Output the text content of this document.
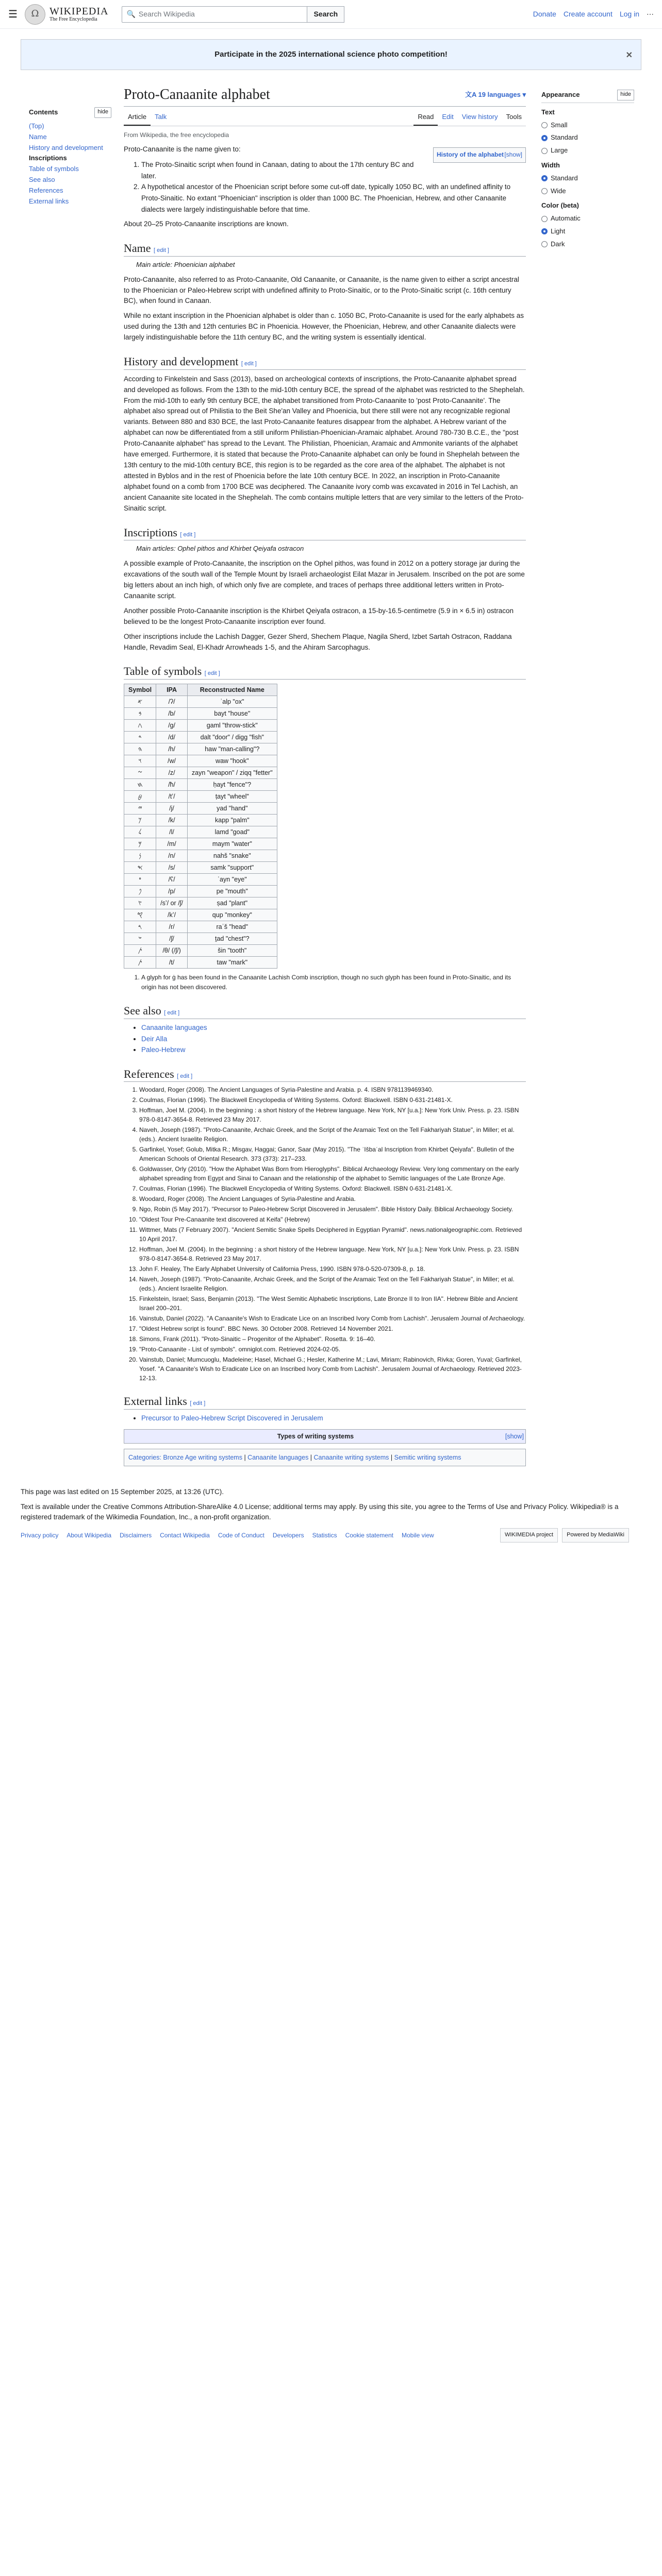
☰	Ω	WIKIPEDIA
The Free Encyclopedia
🔍 Search Wikipedia	Search	Donate Create account Log in ⋯
Participate in the 2025 international science photo competition!	✕
Contents	hide
(Top)
Name
History and development
Inscriptions
Table of symbols
See also
References
External links
Proto-Canaanite alphabet	文A 19 languages ▾
Article	Talk	Read	Edit	View history	Tools
From Wikipedia, the free encyclopedia
History of the alphabet [show]

Proto-Canaanite is the name given to:

1. The Proto-Sinaitic script when found in Canaan, dating to about the 17th century BC and later.
2. A hypothetical ancestor of the Phoenician script before some cut-off date, typically 1050 BC, with an undefined affinity to Proto-Sinaitic. No extant "Phoenician" inscription is older than 1000 BC. The Phoenician, Hebrew, and other Canaanite dialects were largely indistinguishable before that time.

About 20–25 Proto-Canaanite inscriptions are known.

Name [ edit ]
Main article: Phoenician alphabet

Proto-Canaanite, also referred to as Proto-Canaanite, Old Canaanite, or Canaanite, is the name given to either a script ancestral to the Phoenician or Paleo-Hebrew script with undefined affinity to Proto-Sinaitic, or to the Proto-Sinaitic script (c. 16th century BC), when found in Canaan.

While no extant inscription in the Phoenician alphabet is older than c. 1050 BC, Proto-Canaanite is used for the early alphabets as used during the 13th and 12th centuries BC in Phoenicia. However, the Phoenician, Hebrew, and other Canaanite dialects were largely indistinguishable before the 11th century BC, and the writing system is essentially identical.

History and development [ edit ]

According to Finkelstein and Sass (2013), based on archeological contexts of inscriptions, the Proto-Canaanite alphabet spread and developed as follows. From the 13th to the mid-10th century BCE, the spread of the alphabet was restricted to the Shephelah. From the mid-10th to early 9th century BCE, the alphabet transitioned from Proto-Canaanite to 'post Proto-Canaanite'. The alphabet also spread out of Philistia to the Beit She'an Valley and Phoenicia, but there still were not any recognizable regional variants. Between 880 and 830 BCE, the last Proto-Canaanite features disappear from the alphabet. A Hebrew variant of the alphabet can now be differentiated from a still uniform Philistian-Phoenician-Aramaic alphabet. Around 780-730 B.C.E., the "post Proto-Canaanite alphabet" has spread to the Levant. The Philistian, Phoenician, Aramaic and Ammonite variants of the alphabet have emerged. Furthermore, it is stated that because the Proto-Canaanite alphabet can only be found in Shephelah between the 13th century to the mid-10th century BCE, this region is to be regarded as the core area of the alphabet. The alphabet is not attested in Byblos and in the rest of Phoenicia before the late 10th century BCE. In 2022, an inscription in Proto-Canaanite alphabet found on a comb from 1700 BCE was deciphered. The Canaanite ivory comb was excavated in 2016 in Tel Lachish, an ancient Canaanite site located in the Shephelah. The comb contains multiple letters that are very similar to the letters of the Proto-Sinaitic script.

Inscriptions [ edit ]
Main articles: Ophel pithos and Khirbet Qeiyafa ostracon

A possible example of Proto-Canaanite, the inscription on the Ophel pithos, was found in 2012 on a pottery storage jar during the excavations of the south wall of the Temple Mount by Israeli archaeologist Eilat Mazar in Jerusalem. Inscribed on the pot are some big letters about an inch high, of which only five are complete, and traces of perhaps three additional letters written in Proto-Canaanite script.

Another possible Proto-Canaanite inscription is the Khirbet Qeiyafa ostracon, a 15-by-16.5-centimetre (5.9 in × 6.5 in) ostracon believed to be the longest Proto-Canaanite inscription ever found.

Other inscriptions include the Lachish Dagger, Gezer Sherd, Shechem Plaque, Nagila Sherd, Izbet Sartah Ostracon, Raddana Handle, Revadim Seal, El-Khadr Arrowheads 1-5, and the Ahiram Sarcophagus.

Table of symbols [ edit ]
Symbol	IPA	Reconstructed Name
𐤀	/ʔ/	ʾalp "ox"
𐤁	/b/	bayt "house"
𐤂	/g/	gaml "throw-stick"
𐤃	/d/	dalt "door" / digg "fish"
𐤄	/h/	haw "man-calling"?
𐤅	/w/	waw "hook"
𐤆	/z/	zayn "weapon" / ziqq "fetter"
𐤇	/ħ/	ḥayt "fence"?
𐤈	/tʼ/	ṭayt "wheel"
𐤉	/j/	yad "hand"
𐤊	/k/	kapp "palm"
𐤋	/l/	lamd "goad"
𐤌	/m/	maym "water"
𐤍	/n/	nahš "snake"
𐤎	/s/	samk "support"
𐤏	/ʕ/	ʿayn "eye"
𐤐	/p/	pe "mouth"
𐤑	/sʼ/ or /ʃ/	ṣad "plant"
𐤒	/kʼ/	qup "monkey"
𐤓	/r/	raʾš "head"
𐤔	/ʃ/	ṯad "chest"?
𐤕	/θ/ (/ʃ/)	šin "tooth"
𐤕	/t/	taw "mark"
1. A glyph for ġ has been found in the Canaanite Lachish Comb inscription, though no such glyph has been found in Proto-Sinaitic, and its origin has not been discovered.
See also [ edit ]
• Canaanite languages
• Deir Alla
• Paleo-Hebrew
References [ edit ]
1. Woodard, Roger (2008). The Ancient Languages of Syria-Palestine and Arabia. p. 4. ISBN 9781139469340.
2. Coulmas, Florian (1996). The Blackwell Encyclopedia of Writing Systems. Oxford: Blackwell. ISBN 0-631-21481-X.
3. Hoffman, Joel M. (2004). In the beginning : a short history of the Hebrew language. New York, NY [u.a.]: New York Univ. Press. p. 23. ISBN 978-0-8147-3654-8. Retrieved 23 May 2017.
4. Naveh, Joseph (1987). "Proto-Canaanite, Archaic Greek, and the Script of the Aramaic Text on the Tell Fakhariyah Statue", in Miller; et al. (eds.). Ancient Israelite Religion.
5. Garfinkel, Yosef; Golub, Mitka R.; Misgav, Haggai; Ganor, Saar (May 2015). "The ʾIšbaʿal Inscription from Khirbet Qeiyafa". Bulletin of the American Schools of Oriental Research. 373 (373): 217–233.
6. Goldwasser, Orly (2010). "How the Alphabet Was Born from Hieroglyphs". Biblical Archaeology Review. Very long commentary on the early alphabet spreading from Egypt and Sinai to Canaan and the relationship of the alphabet to Semitic languages of the Late Bronze Age.
7. Coulmas, Florian (1996). The Blackwell Encyclopedia of Writing Systems. Oxford: Blackwell. ISBN 0-631-21481-X.
8. Woodard, Roger (2008). The Ancient Languages of Syria-Palestine and Arabia.
9. Ngo, Robin (5 May 2017). "Precursor to Paleo-Hebrew Script Discovered in Jerusalem". Bible History Daily. Biblical Archaeology Society.
10. "Oldest Tour Pre-Canaanite text discovered at Keifa" (Hebrew)
11. Wittmer, Mats (7 February 2007). "Ancient Semitic Snake Spells Deciphered in Egyptian Pyramid". news.nationalgeographic.com. Retrieved 10 April 2017.
12. Hoffman, Joel M. (2004). In the beginning : a short history of the Hebrew language. New York, NY [u.a.]: New York Univ. Press. p. 23. ISBN 978-0-8147-3654-8. Retrieved 23 May 2017.
13. John F. Healey, The Early Alphabet University of California Press, 1990. ISBN 978-0-520-07309-8, p. 18.
14. Naveh, Joseph (1987). "Proto-Canaanite, Archaic Greek, and the Script of the Aramaic Text on the Tell Fakhariyah Statue", in Miller; et al. (eds.). Ancient Israelite Religion.
15. Finkelstein, Israel; Sass, Benjamin (2013). "The West Semitic Alphabetic Inscriptions, Late Bronze II to Iron IIA". Hebrew Bible and Ancient Israel 200–201.
16. Vainstub, Daniel (2022). "A Canaanite's Wish to Eradicate Lice on an Inscribed Ivory Comb from Lachish". Jerusalem Journal of Archaeology.
17. "Oldest Hebrew script is found". BBC News. 30 October 2008. Retrieved 14 November 2021.
18. Simons, Frank (2011). "Proto-Sinaitic – Progenitor of the Alphabet". Rosetta. 9: 16–40.
19. "Proto-Canaanite - List of symbols". omniglot.com. Retrieved 2024-02-05.
20. Vainstub, Daniel; Mumcuoglu, Madeleine; Hasel, Michael G.; Hesler, Katherine M.; Lavi, Miriam; Rabinovich, Rivka; Goren, Yuval; Garfinkel, Yosef. "A Canaanite's Wish to Eradicate Lice on an Inscribed Ivory Comb from Lachish". Jerusalem Journal of Archaeology. Retrieved 2023-12-13.
External links [ edit ]
• Precursor to Paleo-Hebrew Script Discovered in Jerusalem
Types of writing systems	[show]
Categories: Bronze Age writing systems | Canaanite languages | Canaanite writing systems | Semitic writing systems
Appearance	hide
Text
Small
Standard
Large
Width
Standard
Wide
Color (beta)
Automatic
Light
Dark

This page was last edited on 15 September 2025, at 13:26 (UTC).

Text is available under the Creative Commons Attribution-ShareAlike 4.0 License; additional terms may apply. By using this site, you agree to the Terms of Use and Privacy Policy. Wikipedia® is a registered trademark of the Wikimedia Foundation, Inc., a non-profit organization.

Privacy policy About Wikipedia Disclaimers Contact Wikipedia Code of Conduct Developers Statistics Cookie statement Mobile view	WIKIMEDIA project	Powered by MediaWiki
